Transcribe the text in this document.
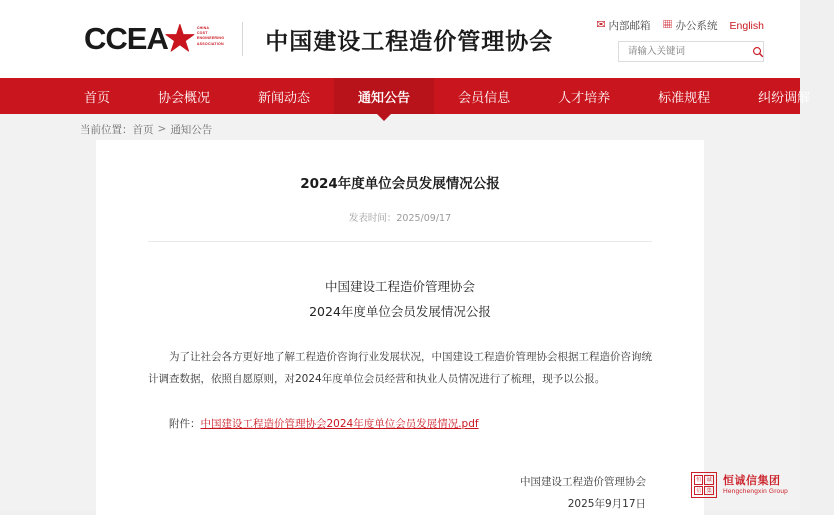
CCEA★ CHINA
COST
ENGINEERING
ASSOCIATION 中国建设工程造价管理协会
✉ 内部邮箱 ▦ 办公系统 English
请输入关键词
首页	协会概况	新闻动态	通知公告	会员信息	人才培养	标准规程	纠纷调解
当前位置： 首页 > 通知公告
2024年度单位会员发展情况公报
发表时间：2025/09/17
中国建设工程造价管理协会
2024年度单位会员发展情况公报
为了让社会各方更好地了解工程造价咨询行业发展状况，中国建设工程造价管理协会根据工程造价咨询统计调查数据，依照自愿原则，对2024年度单位会员经营和执业人员情况进行了梳理，现予以公报。
附件：中国建设工程造价管理协会2024年度单位会员发展情况.pdf
中国建设工程造价管理协会
2025年9月17日
恒	诚
信	集
恒诚信集团
Hengchengxin Group
